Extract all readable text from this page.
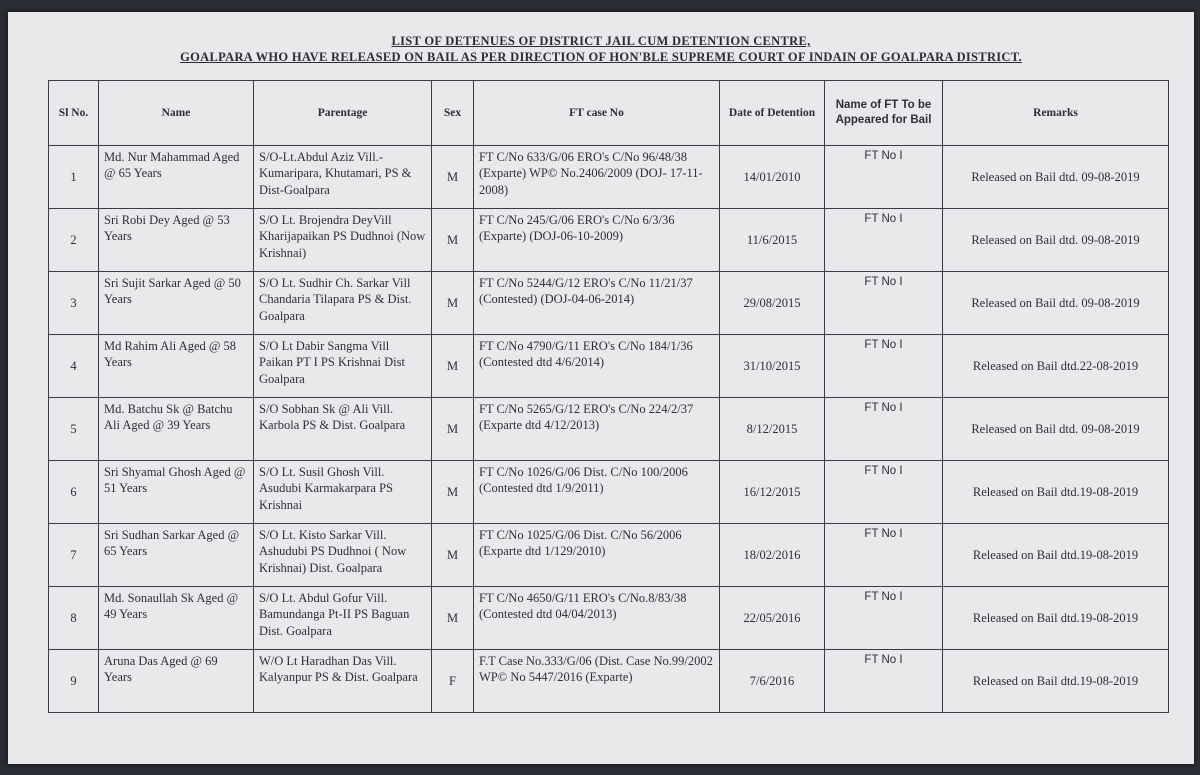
LIST OF DETENUES OF DISTRICT JAIL CUM DETENTION CENTRE,
GOALPARA WHO HAVE RELEASED ON BAIL AS PER DIRECTION OF HON'BLE SUPREME COURT OF INDAIN OF GOALPARA DISTRICT.
Sl No.	Name	Parentage	Sex	FT case No	Date of Detention	Name of FT To be Appeared for Bail	Remarks
1	Md. Nur Mahammad Aged @ 65 Years	S/O-Lt.Abdul Aziz Vill.-Kumaripara, Khutamari, PS & Dist-Goalpara	M	FT C/No 633/G/06 ERO's C/No 96/48/38 (Exparte) WP© No.2406/2009 (DOJ- 17-11-2008)	14/01/2010	FT No I	Released on Bail dtd. 09-08-2019
2	Sri Robi Dey Aged @ 53 Years	S/O Lt. Brojendra DeyVill Kharijapaikan PS Dudhnoi (Now Krishnai)	M	FT C/No 245/G/06 ERO's C/No 6/3/36 (Exparte) (DOJ-06-10-2009)	11/6/2015	FT No I	Released on Bail dtd. 09-08-2019
3	Sri Sujit Sarkar Aged @ 50 Years	S/O Lt. Sudhir Ch. Sarkar Vill Chandaria Tilapara PS & Dist. Goalpara	M	FT C/No 5244/G/12 ERO's C/No 11/21/37 (Contested) (DOJ-04-06-2014)	29/08/2015	FT No I	Released on Bail dtd. 09-08-2019
4	Md Rahim Ali Aged @ 58 Years	S/O Lt Dabir Sangma Vill Paikan PT I PS Krishnai Dist Goalpara	M	FT C/No 4790/G/11 ERO's C/No 184/1/36 (Contested dtd 4/6/2014)	31/10/2015	FT No I	Released on Bail dtd.22-08-2019
5	Md. Batchu Sk @ Batchu Ali Aged @ 39 Years	S/O Sobhan Sk @ Ali Vill. Karbola PS & Dist. Goalpara	M	FT C/No 5265/G/12 ERO's C/No 224/2/37 (Exparte dtd 4/12/2013)	8/12/2015	FT No I	Released on Bail dtd. 09-08-2019
6	Sri Shyamal Ghosh Aged @ 51 Years	S/O Lt. Susil Ghosh Vill. Asudubi Karmakarpara PS Krishnai	M	FT C/No 1026/G/06 Dist. C/No 100/2006 (Contested dtd 1/9/2011)	16/12/2015	FT No I	Released on Bail dtd.19-08-2019
7	Sri Sudhan Sarkar Aged @ 65 Years	S/O Lt. Kisto Sarkar Vill. Ashudubi PS Dudhnoi ( Now Krishnai) Dist. Goalpara	M	FT C/No 1025/G/06 Dist. C/No 56/2006 (Exparte dtd 1/129/2010)	18/02/2016	FT No I	Released on Bail dtd.19-08-2019
8	Md. Sonaullah Sk Aged @ 49 Years	S/O Lt. Abdul Gofur Vill. Bamundanga Pt-II PS Baguan Dist. Goalpara	M	FT C/No 4650/G/11 ERO's C/No.8/83/38 (Contested dtd 04/04/2013)	22/05/2016	FT No I	Released on Bail dtd.19-08-2019
9	Aruna Das Aged @ 69 Years	W/O Lt Haradhan Das Vill. Kalyanpur PS & Dist. Goalpara	F	F.T Case No.333/G/06 (Dist. Case No.99/2002 WP© No 5447/2016 (Exparte)	7/6/2016	FT No I	Released on Bail dtd.19-08-2019
